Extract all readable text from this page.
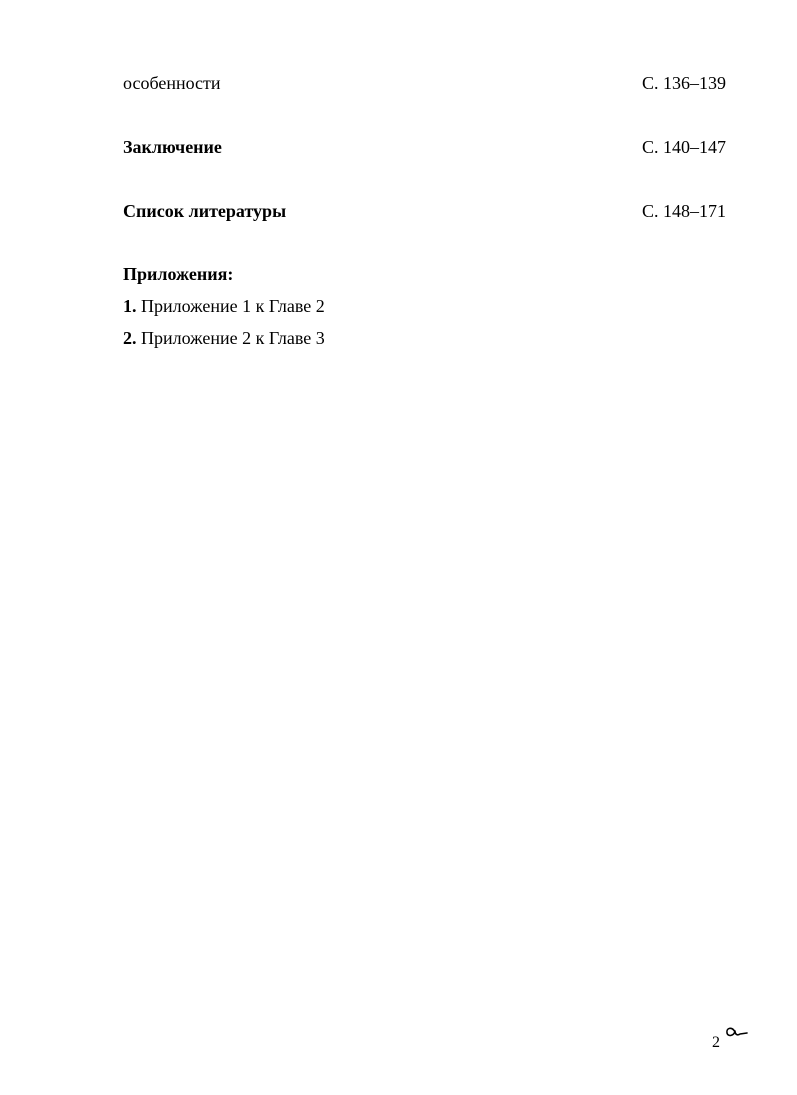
особенности	С. 136–139
Заключение	С. 140–147
Список литературы	С. 148–171
Приложения:
1. Приложение 1 к Главе 2
2. Приложение 2 к Главе 3
2
